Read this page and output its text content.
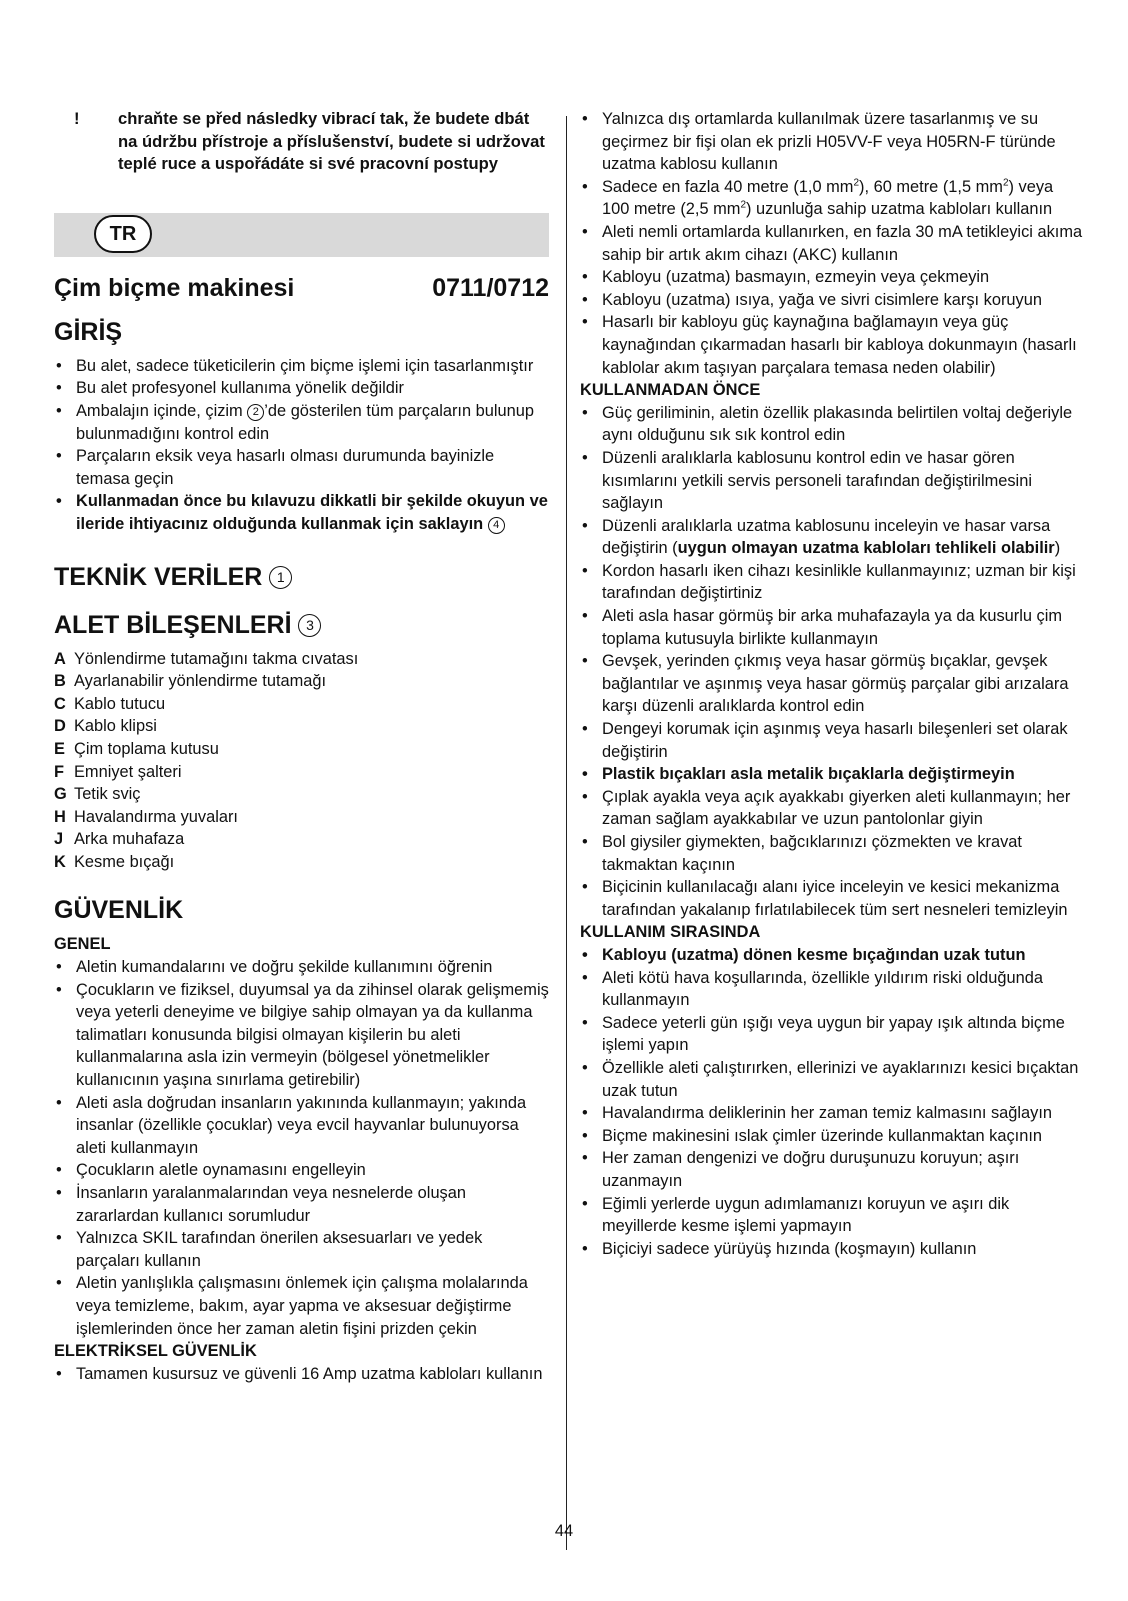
!	chraňte se před následky vibrací tak, že budete dbát na údržbu přístroje a příslušenství, budete si udržovat teplé ruce a uspořádáte si své pracovní postupy
TR
Çim biçme makinesi	0711/0712
GİRİŞ
• Bu alet, sadece tüketicilerin çim biçme işlemi için tasarlanmıştır
• Bu alet profesyonel kullanıma yönelik değildir
• Ambalajın içinde, çizim 2 ’de gösterilen tüm parçaların bulunup bulunmadığını kontrol edin
• Parçaların eksik veya hasarlı olması durumunda bayinizle temasa geçin
• Kullanmadan önce bu kılavuzu dikkatli bir şekilde okuyun ve ileride ihtiyacınız olduğunda kullanmak için saklayın 4
TEKNİK VERİLER 1
ALET BİLEŞENLERİ 3
A Yönlendirme tutamağını takma cıvatası
B Ayarlanabilir yönlendirme tutamağı
C Kablo tutucu
D Kablo klipsi
E Çim toplama kutusu
F Emniyet şalteri
G Tetik sviç
H Havalandırma yuvaları
J Arka muhafaza
K Kesme bıçağı
GÜVENLİK
GENEL
• Aletin kumandalarını ve doğru şekilde kullanımını öğrenin
• Çocukların ve fiziksel, duyumsal ya da zihinsel olarak gelişmemiş veya yeterli deneyime ve bilgiye sahip olmayan ya da kullanma talimatları konusunda bilgisi olmayan kişilerin bu aleti kullanmalarına asla izin vermeyin (bölgesel yönetmelikler kullanıcının yaşına sınırlama getirebilir)
• Aleti asla doğrudan insanların yakınında kullanmayın; yakında insanlar (özellikle çocuklar) veya evcil hayvanlar bulunuyorsa aleti kullanmayın
• Çocukların aletle oynamasını engelleyin
• İnsanların yaralanmalarından veya nesnelerde oluşan zararlardan kullanıcı sorumludur
• Yalnızca SKIL tarafından önerilen aksesuarları ve yedek parçaları kullanın
• Aletin yanlışlıkla çalışmasını önlemek için çalışma molalarında veya temizleme, bakım, ayar yapma ve aksesuar değiştirme işlemlerinden önce her zaman aletin fişini prizden çekin
ELEKTRİKSEL GÜVENLİK
• Tamamen kusursuz ve güvenli 16 Amp uzatma kabloları kullanın
• Yalnızca dış ortamlarda kullanılmak üzere tasarlanmış ve su geçirmez bir fişi olan ek prizli H05VV-F veya H05RN-F türünde uzatma kablosu kullanın
• Sadece en fazla 40 metre (1,0 $mm^2$), 60 metre (1,5 $mm^2$) veya 100 metre (2,5 $mm^2$) uzunluğa sahip uzatma kabloları kullanın
• Aleti nemli ortamlarda kullanırken, en fazla 30 mA tetikleyici akıma sahip bir artık akım cihazı (AKC) kullanın
• Kabloyu (uzatma) basmayın, ezmeyin veya çekmeyin
• Kabloyu (uzatma) ısıya, yağa ve sivri cisimlere karşı koruyun
• Hasarlı bir kabloyu güç kaynağına bağlamayın veya güç kaynağından çıkarmadan hasarlı bir kabloya dokunmayın (hasarlı kablolar akım taşıyan parçalara temasa neden olabilir)
KULLANMADAN ÖNCE
• Güç geriliminin, aletin özellik plakasında belirtilen voltaj değeriyle aynı olduğunu sık sık kontrol edin
• Düzenli aralıklarla kablosunu kontrol edin ve hasar gören kısımlarını yetkili servis personeli tarafından değiştirilmesini sağlayın
• Düzenli aralıklarla uzatma kablosunu inceleyin ve hasar varsa değiştirin (uygun olmayan uzatma kabloları tehlikeli olabilir)
• Kordon hasarlı iken cihazı kesinlikle kullanmayınız; uzman bir kişi tarafından değiştirtiniz
• Aleti asla hasar görmüş bir arka muhafazayla ya da kusurlu çim toplama kutusuyla birlikte kullanmayın
• Gevşek, yerinden çıkmış veya hasar görmüş bıçaklar, gevşek bağlantılar ve aşınmış veya hasar görmüş parçalar gibi arızalara karşı düzenli aralıklarda kontrol edin
• Dengeyi korumak için aşınmış veya hasarlı bileşenleri set olarak değiştirin
• Plastik bıçakları asla metalik bıçaklarla değiştirmeyin
• Çıplak ayakla veya açık ayakkabı giyerken aleti kullanmayın; her zaman sağlam ayakkabılar ve uzun pantolonlar giyin
• Bol giysiler giymekten, bağcıklarınızı çözmekten ve kravat takmaktan kaçının
• Biçicinin kullanılacağı alanı iyice inceleyin ve kesici mekanizma tarafından yakalanıp fırlatılabilecek tüm sert nesneleri temizleyin
KULLANIM SIRASINDA
• Kabloyu (uzatma) dönen kesme bıçağından uzak tutun
• Aleti kötü hava koşullarında, özellikle yıldırım riski olduğunda kullanmayın
• Sadece yeterli gün ışığı veya uygun bir yapay ışık altında biçme işlemi yapın
• Özellikle aleti çalıştırırken, ellerinizi ve ayaklarınızı kesici bıçaktan uzak tutun
• Havalandırma deliklerinin her zaman temiz kalmasını sağlayın
• Biçme makinesini ıslak çimler üzerinde kullanmaktan kaçının
• Her zaman dengenizi ve doğru duruşunuzu koruyun; aşırı uzanmayın
• Eğimli yerlerde uygun adımlamanızı koruyun ve aşırı dik meyillerde kesme işlemi yapmayın
• Biçiciyi sadece yürüyüş hızında (koşmayın) kullanın
44
